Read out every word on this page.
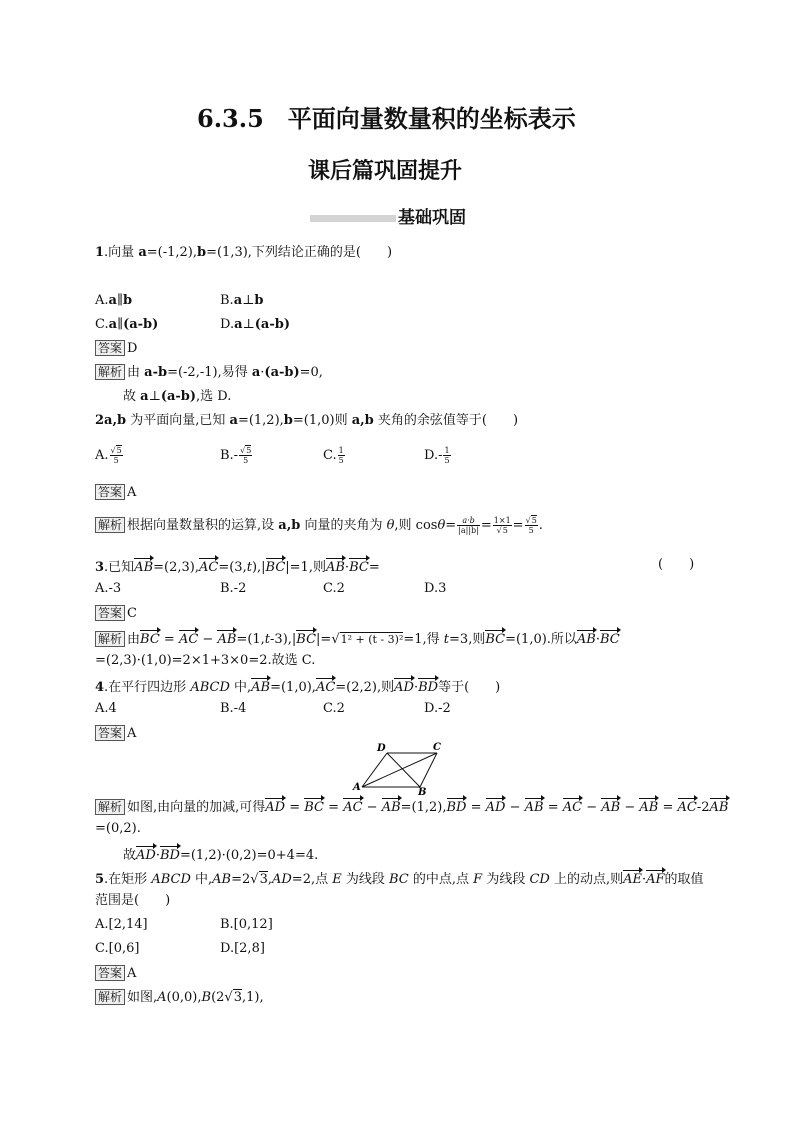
6.3.5　平面向量数量积的坐标表示
课后篇巩固提升
基础巩固
1.向量 a=(-1,2),b=(1,3),下列结论正确的是(　　)
A.a∥b	B.a⊥b
C.a∥(a-b)	D.a⊥(a-b)
答案 D
解析 由 a-b=(-2,-1),易得 a·(a-b)=0,
故 a⊥(a-b),选 D.
2a,b 为平面向量,已知 a=(1,2),b=(1,0)则 a,b 夹角的余弦值等于(　　)
A. $\frac{√5}{5}$	$B.- \frac{√5}{5}$	C. $\frac{1}{5}$	$D.- \frac{1}{5}$
答案 A
解析 根据向量数量积的运算,设 a,b 向量的夹角为 θ,则 $\cos\theta= \frac{a\cdot b}{|a||b|} = \frac{1\times 1}{√5} = \frac{√5}{5}$ .
3.已知AB=(2,3),AC=(3,t),|BC|=1,则AB·BC=	(　　)
A.-3	B.-2	C.2	D.3
答案 C
解析 由BC = AC − AB=(1,t-3),|BC|=√1² + (t - 3)²=1,得 t=3,则BC=(1,0).所以AB·BC
=(2,3)·(1,0)=2×1+3×0=2.故选 C.
4.在平行四边形 ABCD 中,AB=(1,0),AC=(2,2),则AD·BD等于(　　)
A.4	B.-4	C.2	D.-2
答案 A
A	B
C
D
解析 如图,由向量的加减,可得AD = BC = AC − AB=(1,2),BD = AD − AB = AC − AB − AB = AC-2AB
=(0,2).
故AD·BD=(1,2)·(0,2)=0+4=4.
5.在矩形 ABCD 中,AB=2√3,AD=2,点 E 为线段 BC 的中点,点 F 为线段 CD 上的动点,则AE·AF的取值
范围是(　　)
A.[2,14]	B.[0,12]
C.[0,6]	D.[2,8]
答案 A
解析 如图,A(0,0),B(2√3,1),
